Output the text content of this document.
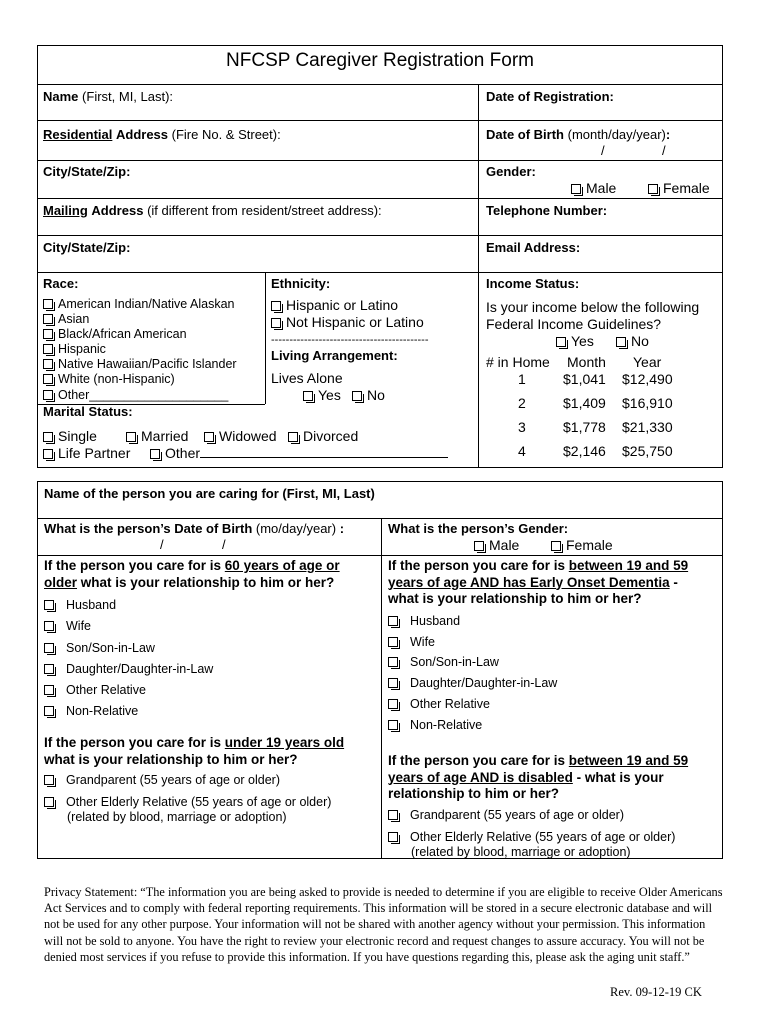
NFCSP Caregiver Registration Form
Name (First, MI, Last):	Date of Registration:
Residential Address (Fire No. & Street):	Date of Birth (month/day/year):
/	/
City/State/Zip:	Gender:
Male	Female
Mailing Address (if different from resident/street address):	Telephone Number:
City/State/Zip:	Email Address:
Race:
American Indian/Native Alaskan
Asian
Black/African American
Hispanic
Native Hawaiian/Pacific Islander
White (non-Hispanic)
Other____________________
Ethnicity:
Hispanic or Latino
Not Hispanic or Latino
-------------------------------------------
Living Arrangement:
Lives Alone
Yes	No
Marital Status:
Single	Married	Widowed	Divorced
Life Partner	Other
Income Status:
Is your income below the following
Federal Income Guidelines?
Yes	No
# in Home Month Year
1	$1,041 $12,490
2	$1,409 $16,910
3	$1,778 $21,330
4	$2,146 $25,750
Name of the person you are caring for (First, MI, Last)
What is the person’s Date of Birth (mo/day/year) :
/	/
What is the person’s Gender:
Male	Female
If the person you care for is 60 years of age or
older what is your relationship to him or her?
Husband
Wife
Son/Son-in-Law
Daughter/Daughter-in-Law
Other Relative
Non-Relative
If the person you care for is under 19 years old
what is your relationship to him or her?
Grandparent (55 years of age or older)
Other Elderly Relative (55 years of age or older)
(related by blood, marriage or adoption)
If the person you care for is between 19 and 59
years of age AND has Early Onset Dementia -
what is your relationship to him or her?
Husband
Wife
Son/Son-in-Law
Daughter/Daughter-in-Law
Other Relative
Non-Relative
If the person you care for is between 19 and 59
years of age AND is disabled - what is your
relationship to him or her?
Grandparent (55 years of age or older)
Other Elderly Relative (55 years of age or older)
(related by blood, marriage or adoption)
Privacy Statement: “The information you are being asked to provide is needed to determine if you are eligible to receive Older Americans Act Services and to comply with federal reporting requirements. This information will be stored in a secure electronic database and will not be used for any other purpose. Your information will not be shared with another agency without your permission. This information will not be sold to anyone. You have the right to review your electronic record and request changes to assure accuracy. You will not be denied most services if you refuse to provide this information. If you have questions regarding this, please ask the aging unit staff.”
Rev. 09-12-19 CK
